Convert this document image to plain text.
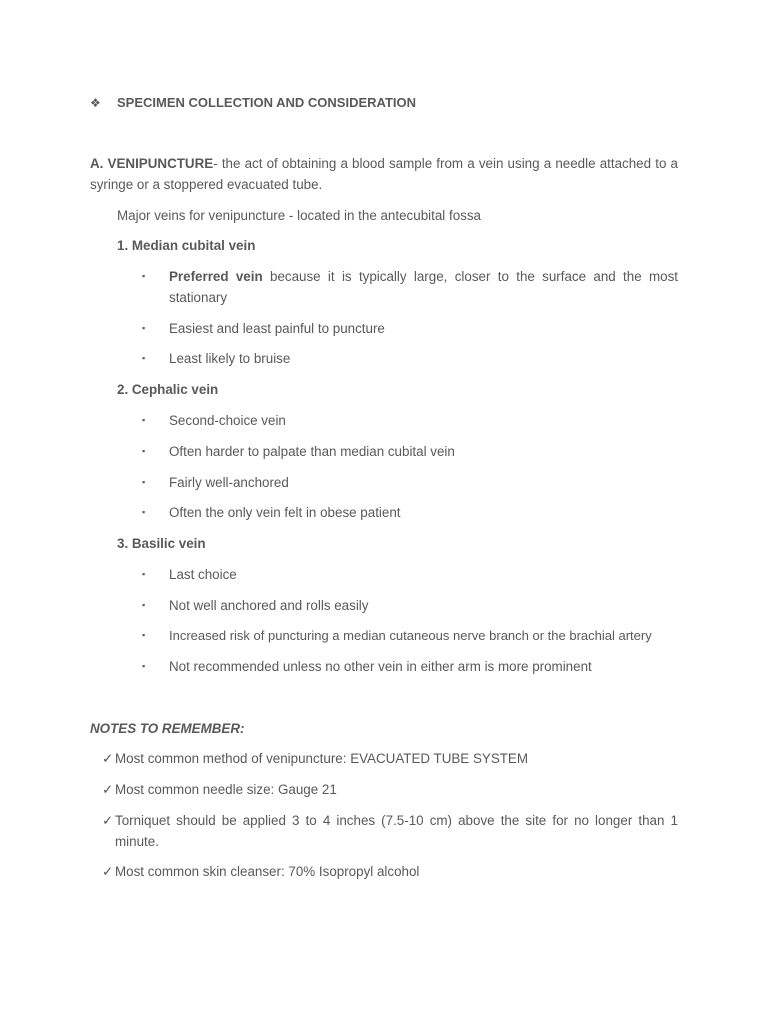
❖ SPECIMEN COLLECTION AND CONSIDERATION
A. VENIPUNCTURE- the act of obtaining a blood sample from a vein using a needle attached to a syringe or a stoppered evacuated tube.
Major veins for venipuncture - located in the antecubital fossa
1. Median cubital vein
▪ Preferred vein because it is typically large, closer to the surface and the most stationary
▪ Easiest and least painful to puncture
▪ Least likely to bruise
2. Cephalic vein
▪ Second-choice vein
▪ Often harder to palpate than median cubital vein
▪ Fairly well-anchored
▪ Often the only vein felt in obese patient
3. Basilic vein
▪ Last choice
▪ Not well anchored and rolls easily
▪ Increased risk of puncturing a median cutaneous nerve branch or the brachial artery
▪ Not recommended unless no other vein in either arm is more prominent
NOTES TO REMEMBER:
✓ Most common method of venipuncture: EVACUATED TUBE SYSTEM
✓ Most common needle size: Gauge 21
✓ Torniquet should be applied 3 to 4 inches (7.5-10 cm) above the site for no longer than 1 minute.
✓ Most common skin cleanser: 70% Isopropyl alcohol
